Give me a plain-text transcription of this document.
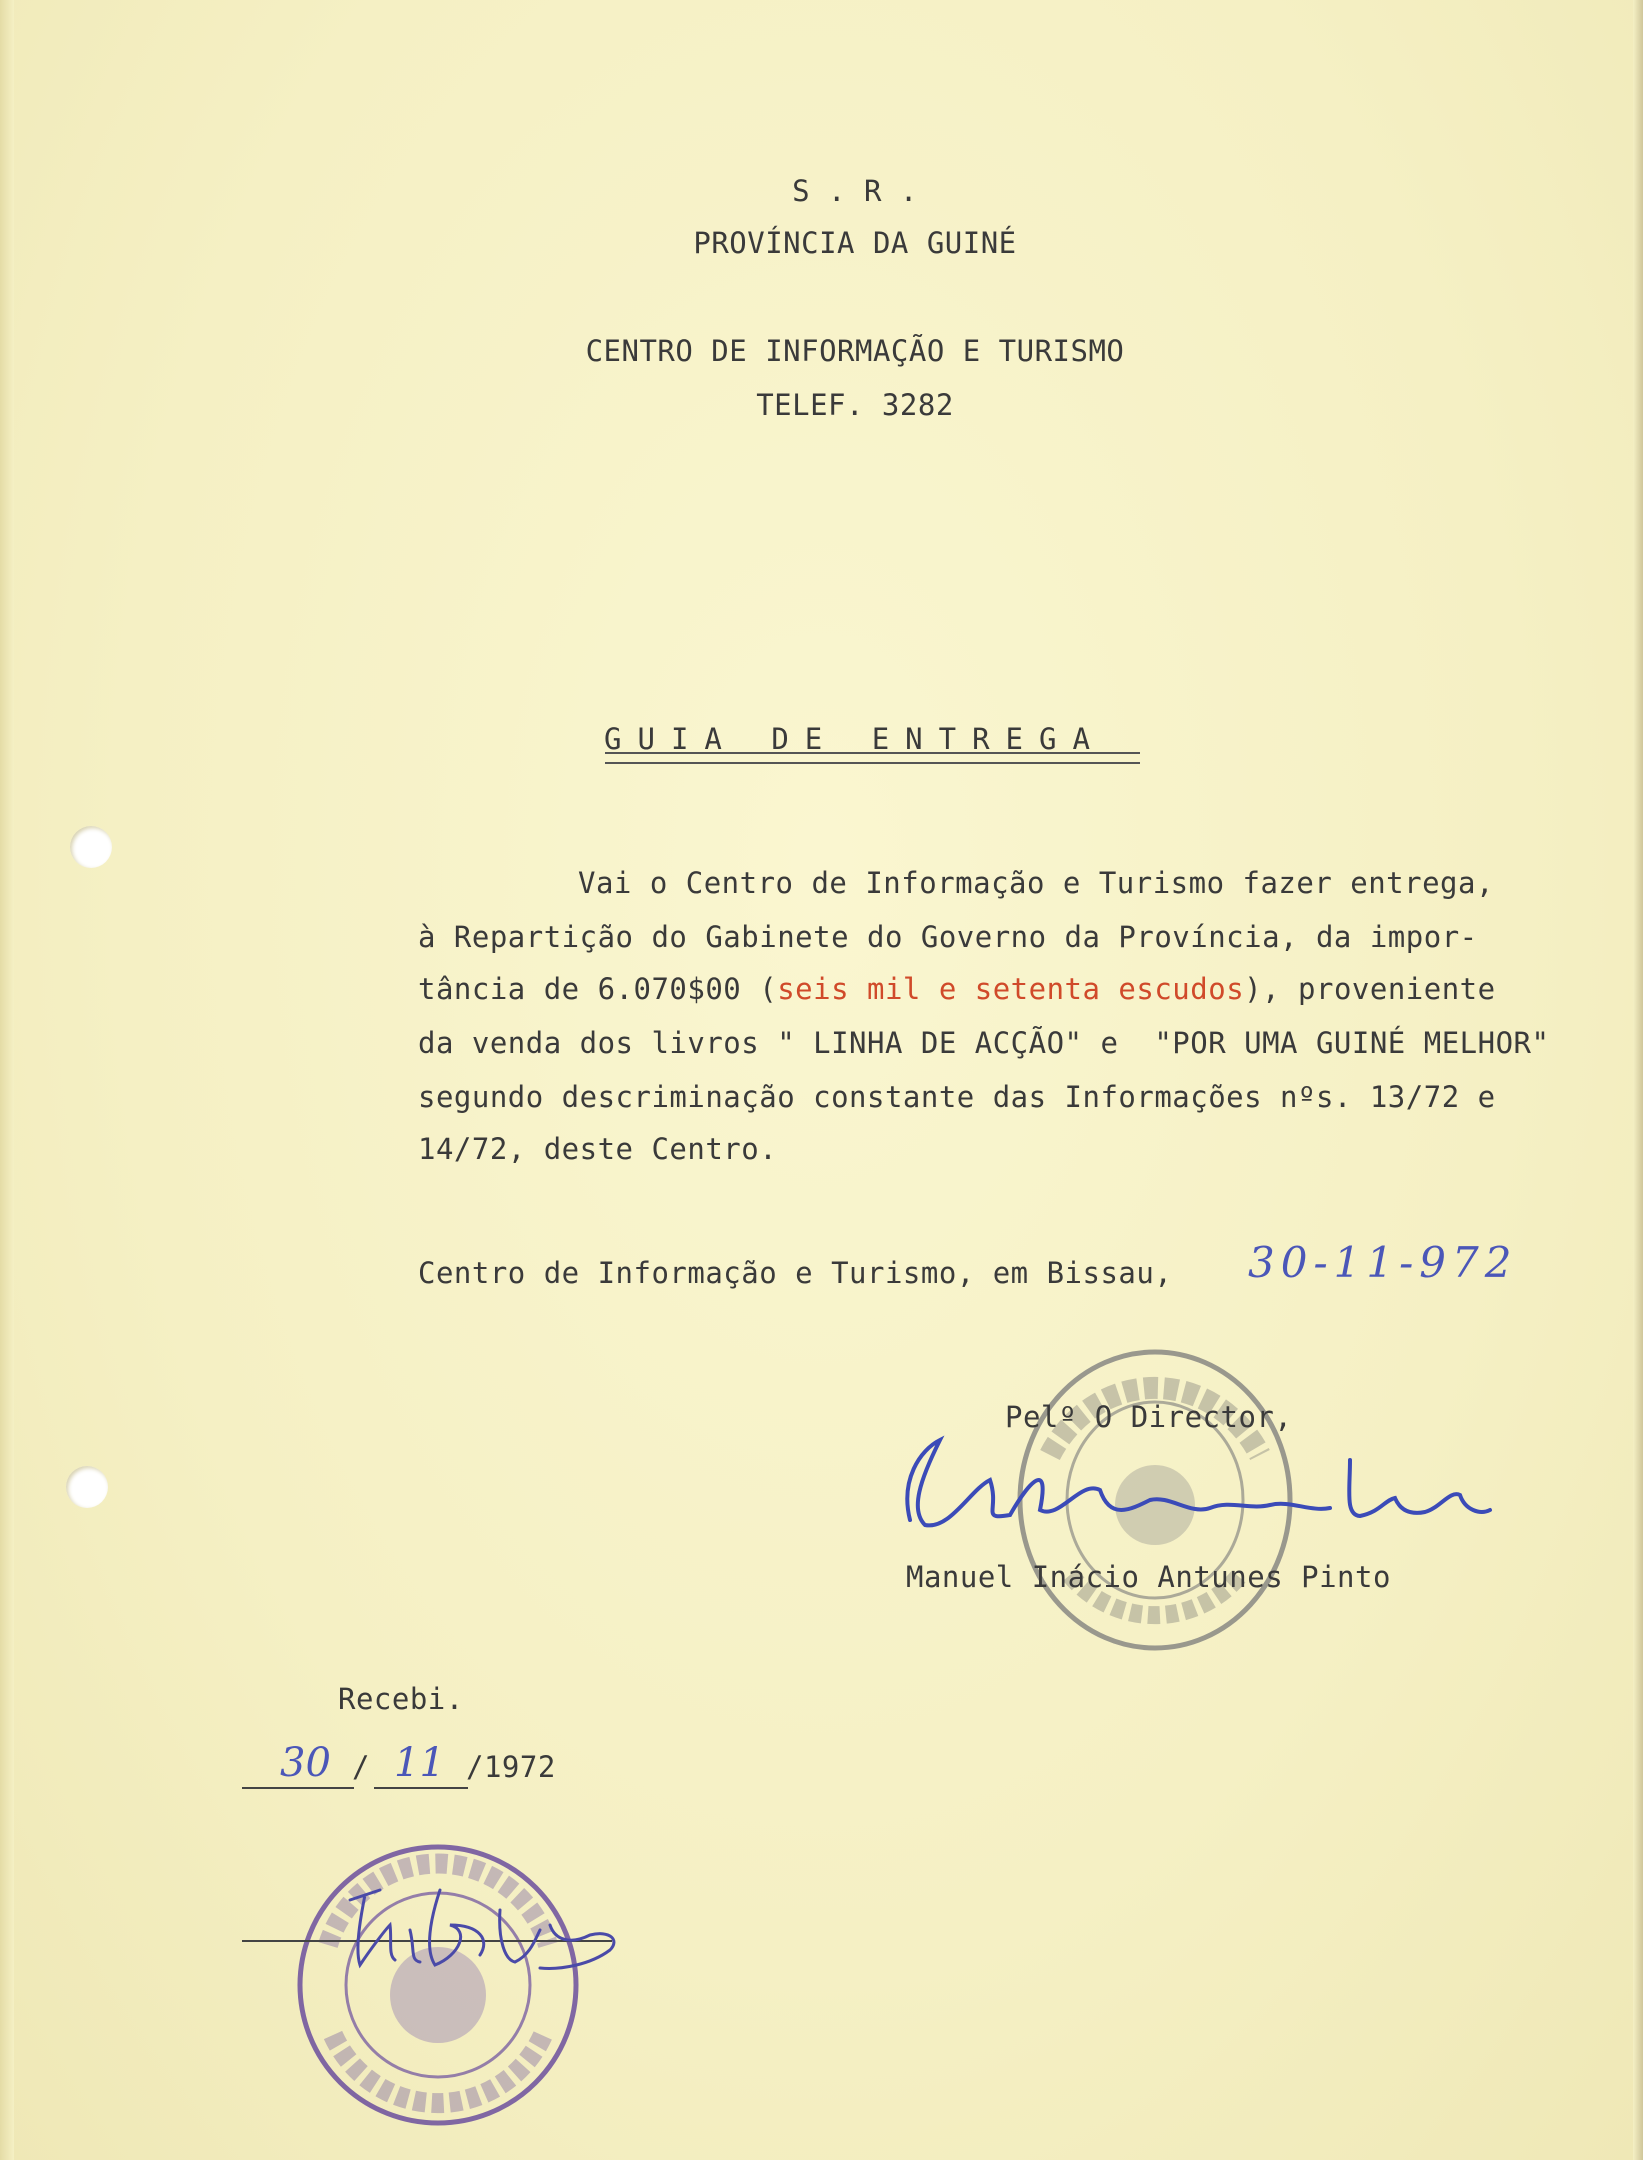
S . R .
PROVÍNCIA DA GUINÉ
CENTRO DE INFORMAÇÃO E TURISMO
TELEF. 3282
GUIA DE ENTREGA
Vai o Centro de Informação e Turismo fazer entrega,
à Repartição do Gabinete do Governo da Província, da impor-
tância de 6.070$00 (seis mil e setenta escudos), proveniente
da venda dos livros " LINHA DE ACÇÃO" e  "POR UMA GUINÉ MELHOR"
segundo descriminação constante das Informações nºs. 13/72 e
14/72, deste Centro.
Centro de Informação e Turismo, em Bissau, 30-11-972
Pelº O Director,
Manuel Inácio Antunes Pinto
Recebi.
30 / 11 /1972
